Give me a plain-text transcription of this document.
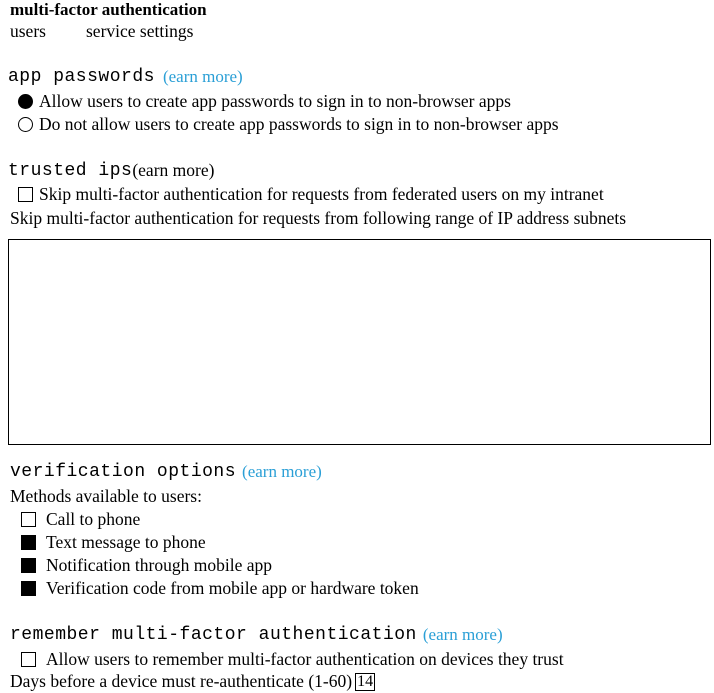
multi-factor authentication
users service settings
app passwords (earn more)
Allow users to create app passwords to sign in to non-browser apps
Do not allow users to create app passwords to sign in to non-browser apps
trusted ips (earn more)
Skip multi-factor authentication for requests from federated users on my intranet
Skip multi-factor authentication for requests from following range of IP address subnets
verification options (earn more)
Methods available to users:
Call to phone
Text message to phone
Notification through mobile app
Verification code from mobile app or hardware token
remember multi-factor authentication (earn more)
Allow users to remember multi-factor authentication on devices they trust
Days before a device must re-authenticate (1-60) 14
